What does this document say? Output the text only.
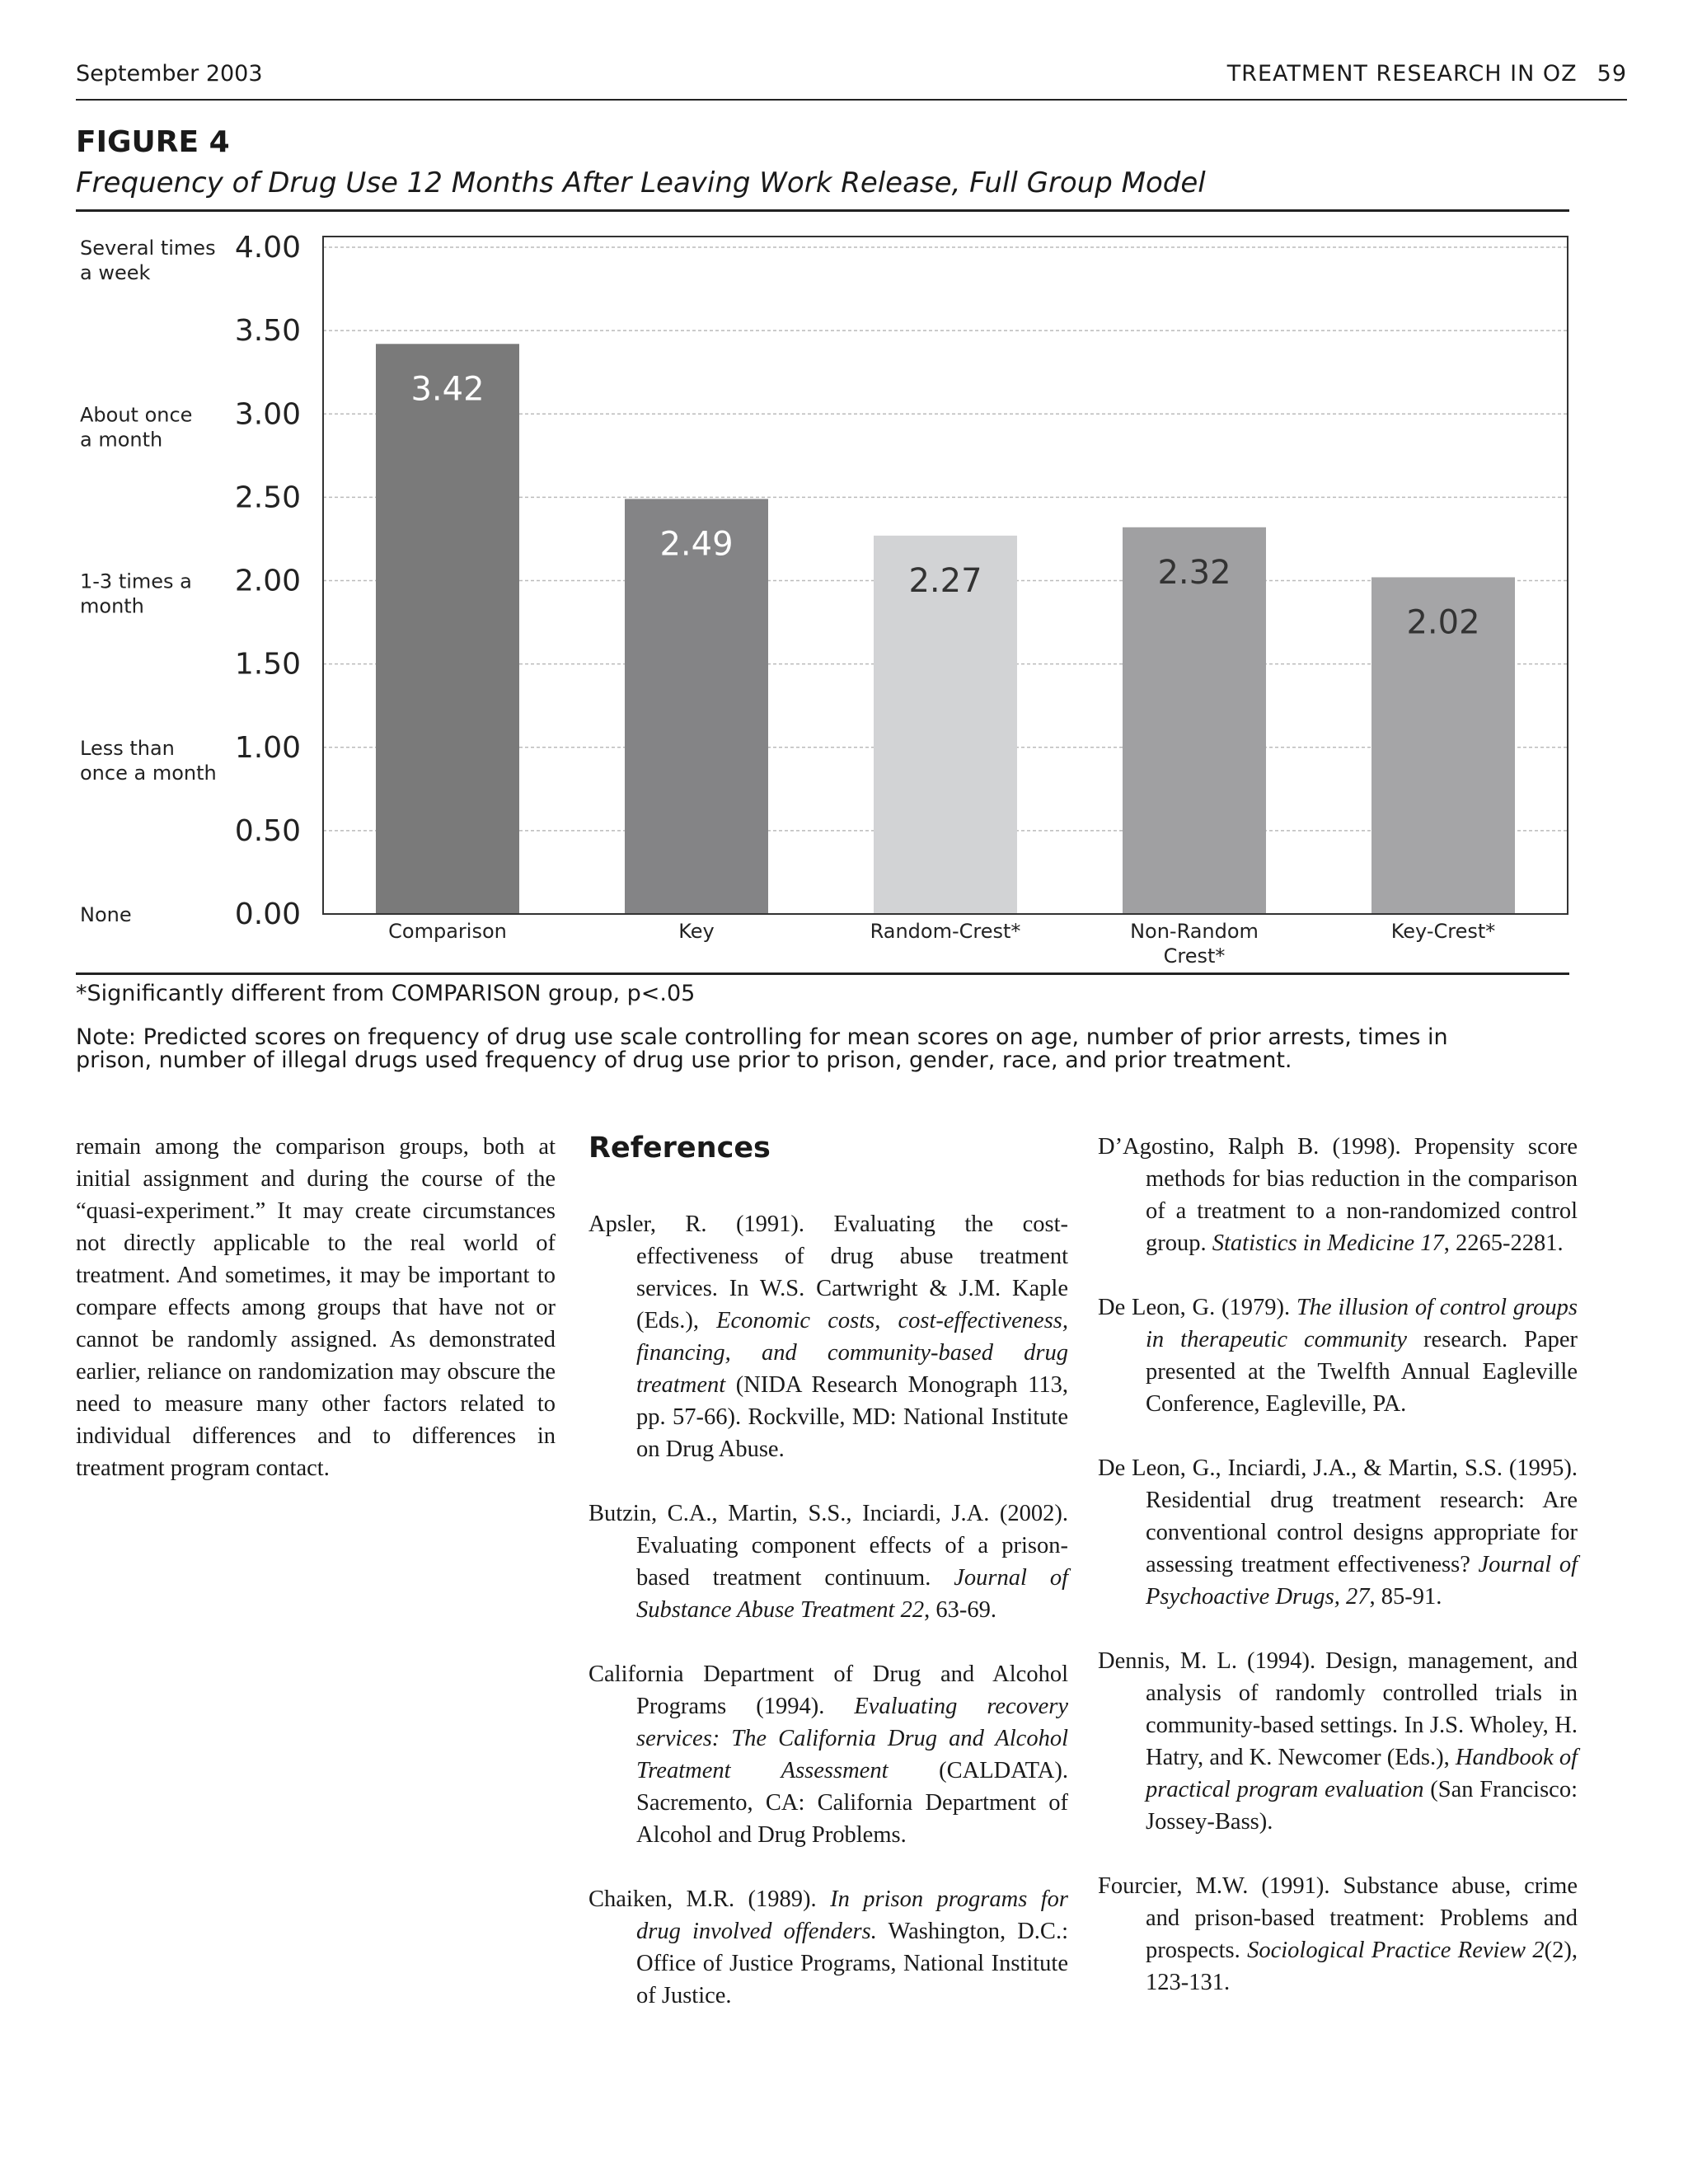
September 2003	TREATMENT RESEARCH IN OZ 59
FIGURE 4
Frequency of Drug Use 12 Months After Leaving Work Release, Full Group Model
0.00
0.50
1.00
1.50
2.00
2.50
3.00
3.50
4.00
Several times a week
About once a month
1-3 times a month
Less than once a month
None
Comparison	Key	Random-Crest*	Non-Random Crest*
Key-Crest*
3.42
2.49
2.27	2.32
2.02
*Significantly different from COMPARISON group, p<.05
Note: Predicted scores on frequency of drug use scale controlling for mean scores on age, number of prior arrests, times in prison, number of illegal drugs used frequency of drug use prior to prison, gender, race, and prior treatment.

remain among the comparison groups, both at initial assignment and during the course of the “quasi-experiment.” It may create circumstances not directly applicable to the real world of treatment. And sometimes, it may be important to compare effects among groups that have not or cannot be randomly assigned. As demonstrated earlier, reliance on randomization may obscure the need to measure many other factors related to individual differences and to differences in treatment program contact.

References
Apsler, R. (1991). Evaluating the cost-effectiveness of drug abuse treatment services. In W.S. Cartwright & J.M. Kaple (Eds.), Economic costs, cost-effectiveness, financing, and community-based drug treatment (NIDA Research Monograph 113, pp. 57-66). Rockville, MD: National Institute on Drug Abuse.
Butzin, C.A., Martin, S.S., Inciardi, J.A. (2002). Evaluating component effects of a prison-based treatment continuum. Journal of Substance Abuse Treatment 22, 63-69.
California Department of Drug and Alcohol Programs (1994). Evaluating recovery services: The California Drug and Alcohol Treatment Assessment (CALDATA). Sacremento, CA: California Department of Alcohol and Drug Problems.
Chaiken, M.R. (1989). In prison programs for drug involved offenders. Washington, D.C.: Office of Justice Programs, National Institute of Justice.
D’Agostino, Ralph B. (1998). Propensity score methods for bias reduction in the comparison of a treatment to a non-randomized control group. Statistics in Medicine 17, 2265-2281.
De Leon, G. (1979). The illusion of control groups in therapeutic community research. Paper presented at the Twelfth Annual Eagleville Conference, Eagleville, PA.
De Leon, G., Inciardi, J.A., & Martin, S.S. (1995). Residential drug treatment research: Are conventional control designs appropriate for assessing treatment effectiveness? Journal of Psychoactive Drugs, 27, 85-91.
Dennis, M. L. (1994). Design, management, and analysis of randomly controlled trials in community-based settings. In J.S. Wholey, H. Hatry, and K. Newcomer (Eds.), Handbook of practical program evaluation (San Francisco: Jossey-Bass).
Fourcier, M.W. (1991). Substance abuse, crime and prison-based treatment: Problems and prospects. Sociological Practice Review 2(2), 123-131.
